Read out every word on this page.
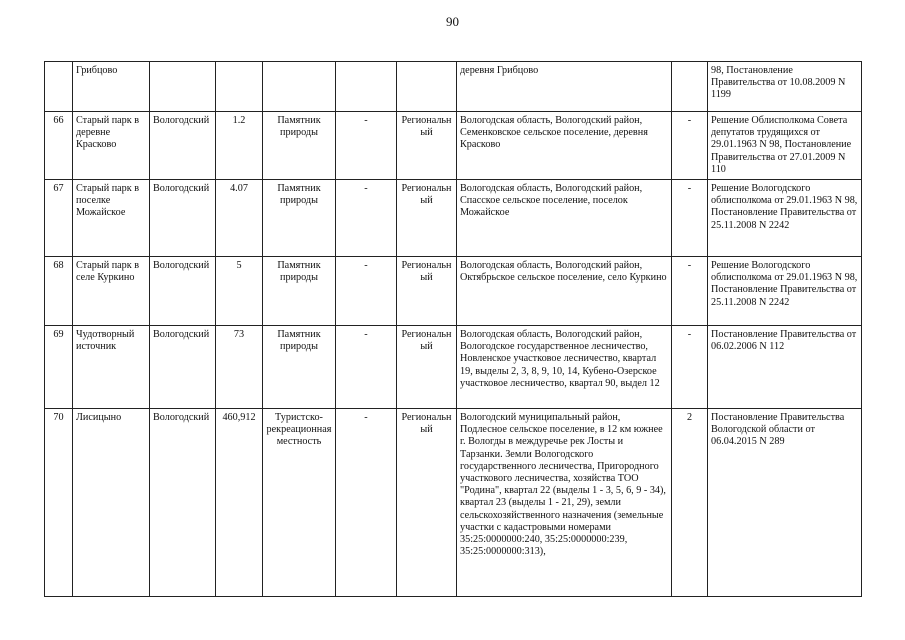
90
	Грибцово						деревня Грибцово		98, Постановление Правительства от 10.08.2009 N 1199
66	Старый парк в деревне Красково	Вологодский	1.2	Памятник природы	-	Региональный	Вологодская область, Вологодский район, Семенковское сельское поселение, деревня Красково	-	Решение Облисполкома Совета депутатов трудящихся от 29.01.1963 N 98, Постановление Правительства от 27.01.2009 N 110
67	Старый парк в поселке Можайское	Вологодский	4.07	Памятник природы	-	Региональный	Вологодская область, Вологодский район, Спасское сельское поселение, поселок Можайское	-	Решение Вологодского облисполкома от 29.01.1963 N 98, Постановление Правительства от 25.11.2008 N 2242
68	Старый парк в селе Куркино	Вологодский	5	Памятник природы	-	Региональный	Вологодская область, Вологодский район, Октябрьское сельское поселение, село Куркино	-	Решение Вологодского облисполкома от 29.01.1963 N 98, Постановление Правительства от 25.11.2008 N 2242
69	Чудотворный источник	Вологодский	73	Памятник природы	-	Региональный	Вологодская область, Вологодский район, Вологодское государственное лесничество, Новленское участковое лесничество, квартал 19, выделы 2, 3, 8, 9, 10, 14, Кубено-Озерское участковое лесничество, квартал 90, выдел 12	-	Постановление Правительства от 06.02.2006 N 112
70	Лисицыно	Вологодский	460,912	Туристско-рекреационная местность	-	Региональный	Вологодский муниципальный район, Подлесное сельское поселение, в 12 км южнее г. Вологды в междуречье рек Лосты и Тарзанки. Земли Вологодского государственного лесничества, Пригородного участкового лесничества, хозяйства ТОО "Родина", квартал 22 (выделы 1 - 3, 5, 6, 9 - 34), квартал 23 (выделы 1 - 21, 29), земли сельскохозяйственного назначения (земельные участки с кадастровыми номерами 35:25:0000000:240, 35:25:0000000:239, 35:25:0000000:313),	2	Постановление Правительства Вологодской области от 06.04.2015 N 289
